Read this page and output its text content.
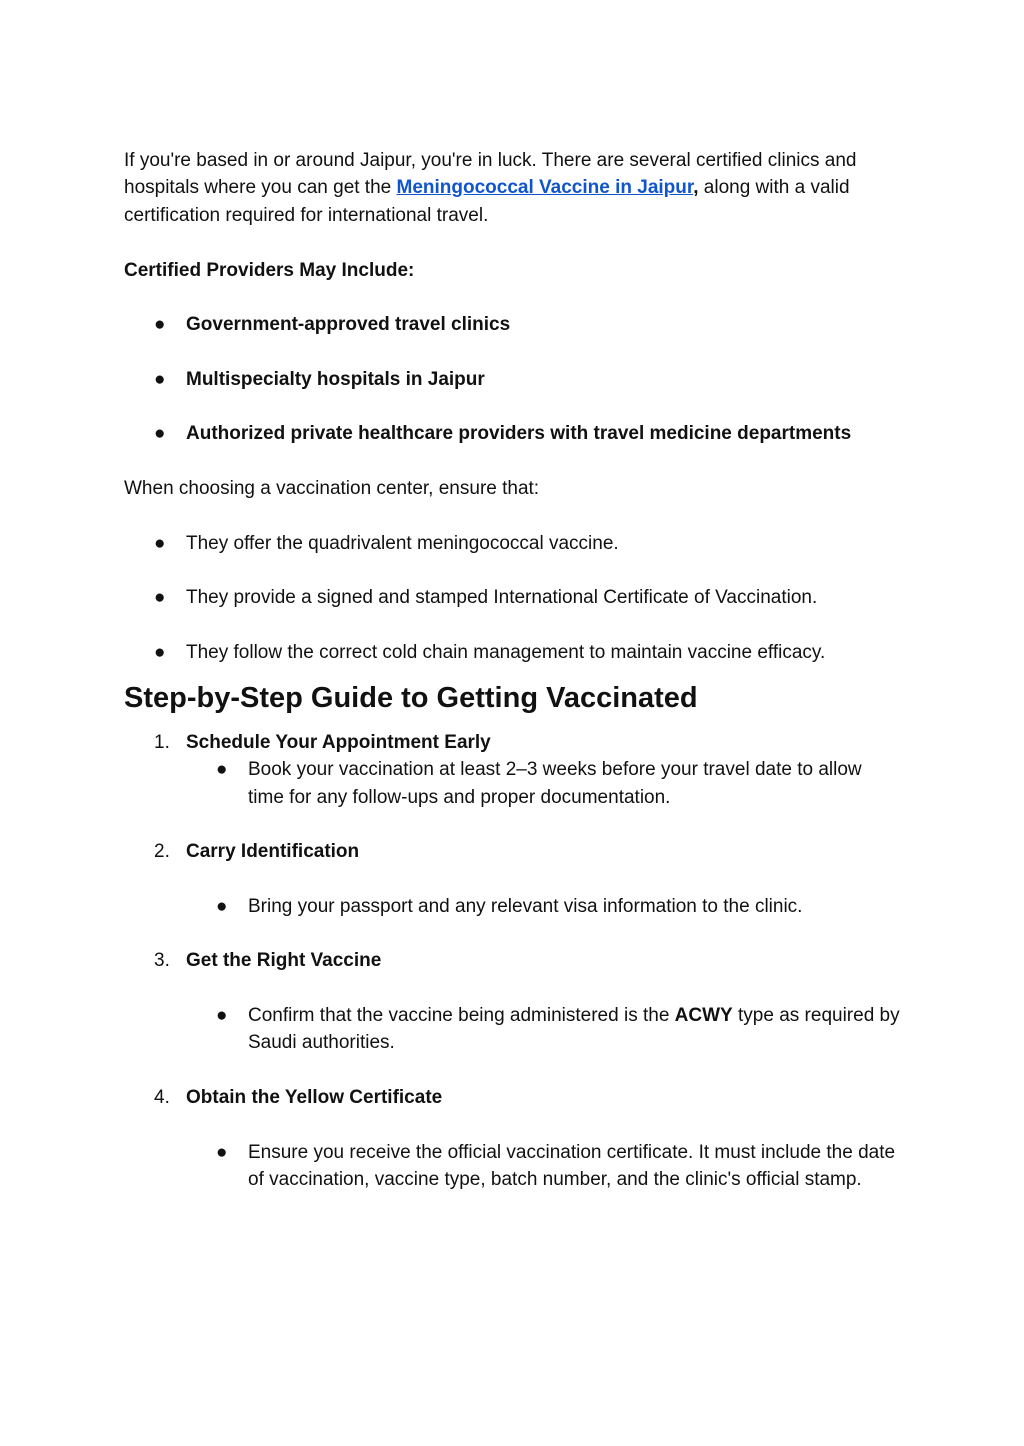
If you're based in or around Jaipur, you're in luck. There are several certified clinics and hospitals where you can get the Meningococcal Vaccine in Jaipur, along with a valid certification required for international travel.

Certified Providers May Include:

● Government-approved travel clinics
● Multispecialty hospitals in Jaipur
● Authorized private healthcare providers with travel medicine departments

When choosing a vaccination center, ensure that:

● They offer the quadrivalent meningococcal vaccine.
● They provide a signed and stamped International Certificate of Vaccination.
● They follow the correct cold chain management to maintain vaccine efficacy.
Step-by-Step Guide to Getting Vaccinated
1. Schedule Your Appointment Early
● Book your vaccination at least 2–3 weeks before your travel date to allow time for any follow-ups and proper documentation.
2. Carry Identification
● Bring your passport and any relevant visa information to the clinic.
3. Get the Right Vaccine
● Confirm that the vaccine being administered is the ACWY type as required by Saudi authorities.
4. Obtain the Yellow Certificate
● Ensure you receive the official vaccination certificate. It must include the date of vaccination, vaccine type, batch number, and the clinic's official stamp.
